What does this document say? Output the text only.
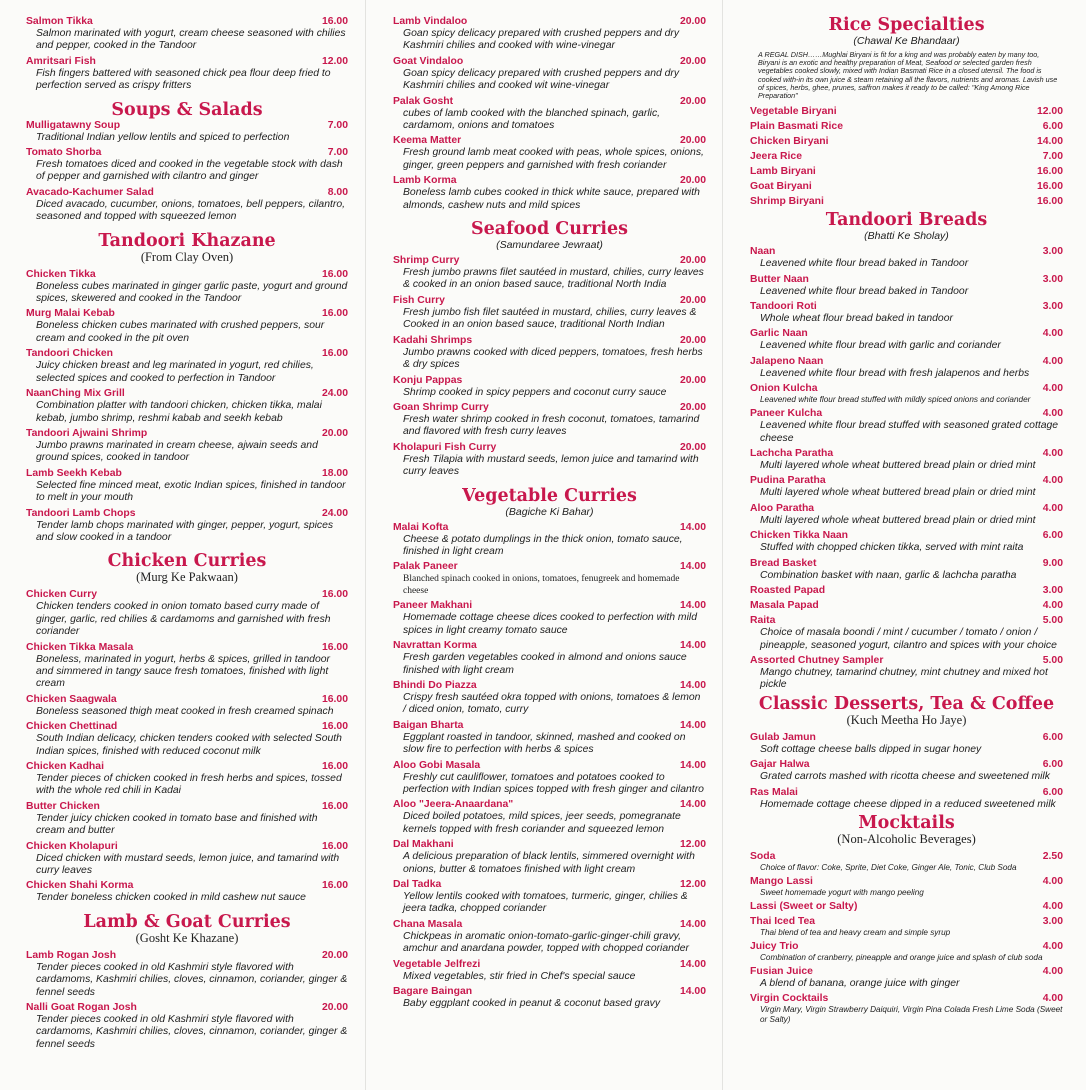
Salmon Tikka	16.00
Salmon marinated with yogurt, cream cheese seasoned with chilies and pepper, cooked in the Tandoor
Amritsari Fish	12.00
Fish fingers battered with seasoned chick pea flour deep fried to perfection served as crispy fritters
Soups & Salads
Mulligatawny Soup	7.00
Traditional Indian yellow lentils and spiced to perfection
Tomato Shorba	7.00
Fresh tomatoes diced and cooked in the vegetable stock with dash of pepper and garnished with cilantro and ginger
Avacado-Kachumer Salad	8.00
Diced avacado, cucumber, onions, tomatoes, bell peppers, cilantro, seasoned and topped with squeezed lemon
Tandoori Khazane
(From Clay Oven)
Chicken Tikka	16.00
Boneless cubes marinated in ginger garlic paste, yogurt and ground spices, skewered and cooked in the Tandoor
Murg Malai Kebab	16.00
Boneless chicken cubes marinated with crushed peppers, sour cream and cooked in the pit oven
Tandoori Chicken	16.00
Juicy chicken breast and leg marinated in yogurt, red chilies, selected spices and cooked to perfection in Tandoor
NaanChing Mix Grill	24.00
Combination platter with tandoori chicken, chicken tikka, malai kebab, jumbo shrimp, reshmi kabab and seekh kebab
Tandoori Ajwaini Shrimp	20.00
Jumbo prawns marinated in cream cheese, ajwain seeds and ground spices, cooked in tandoor
Lamb Seekh Kebab	18.00
Selected fine minced meat, exotic Indian spices, finished in tandoor to melt in your mouth
Tandoori Lamb Chops	24.00
Tender lamb chops marinated with ginger, pepper, yogurt, spices and slow cooked in a tandoor
Chicken Curries
(Murg Ke Pakwaan)
Chicken Curry	16.00
Chicken tenders cooked in onion tomato based curry made of ginger, garlic, red chilies & cardamoms and garnished with fresh coriander
Chicken Tikka Masala	16.00
Boneless, marinated in yogurt, herbs & spices, grilled in tandoor and simmered in tangy sauce fresh tomatoes, finished with light cream
Chicken Saagwala	16.00
Boneless seasoned thigh meat cooked in fresh creamed spinach
Chicken Chettinad	16.00
South Indian delicacy, chicken tenders cooked with selected South Indian spices, finished with reduced coconut milk
Chicken Kadhai	16.00
Tender pieces of chicken cooked in fresh herbs and spices, tossed with the whole red chili in Kadai
Butter Chicken	16.00
Tender juicy chicken cooked in tomato base and finished with cream and butter
Chicken Kholapuri	16.00
Diced chicken with mustard seeds, lemon juice, and tamarind with curry leaves
Chicken Shahi Korma	16.00
Tender boneless chicken cooked in mild cashew nut sauce
Lamb & Goat Curries
(Gosht Ke Khazane)
Lamb Rogan Josh	20.00
Tender pieces cooked in old Kashmiri style flavored with cardamoms, Kashmiri chilies, cloves, cinnamon, coriander, ginger & fennel seeds
Nalli Goat Rogan Josh	20.00
Tender pieces cooked in old Kashmiri style flavored with cardamoms, Kashmiri chilies, cloves, cinnamon, coriander, ginger & fennel seeds
Lamb Vindaloo	20.00
Goan spicy delicacy prepared with crushed peppers and dry Kashmiri chilies and cooked with wine-vinegar
Goat Vindaloo	20.00
Goan spicy delicacy prepared with crushed peppers and dry Kashmiri chilies and cooked wit wine-vinegar
Palak Gosht	20.00
cubes of lamb cooked with the blanched spinach, garlic, cardamom, onions and tomatoes
Keema Matter	20.00
Fresh ground lamb meat cooked with peas, whole spices, onions, ginger, green peppers and garnished with fresh coriander
Lamb Korma	20.00
Boneless lamb cubes cooked in thick white sauce, prepared with almonds, cashew nuts and mild spices
Seafood Curries
(Samundaree Jewraat)
Shrimp Curry	20.00
Fresh jumbo prawns filet sautéed in mustard, chilies, curry leaves & cooked in an onion based sauce, traditional North India
Fish Curry	20.00
Fresh jumbo fish filet sautéed in mustard, chilies, curry leaves & Cooked in an onion based sauce, traditional North Indian
Kadahi Shrimps	20.00
Jumbo prawns cooked with diced peppers, tomatoes, fresh herbs & dry spices
Konju Pappas	20.00
Shrimp cooked in spicy peppers and coconut curry sauce
Goan Shrimp Curry	20.00
Fresh water shrimp cooked in fresh coconut, tomatoes, tamarind and flavored with fresh curry leaves
Kholapuri Fish Curry	20.00
Fresh Tilapia with mustard seeds, lemon juice and tamarind with curry leaves
Vegetable Curries
(Bagiche Ki Bahar)
Malai Kofta	14.00
Cheese & potato dumplings in the thick onion, tomato sauce, finished in light cream
Palak Paneer	14.00
Blanched spinach cooked in onions, tomatoes, fenugreek and homemade cheese
Paneer Makhani	14.00
Homemade cottage cheese dices cooked to perfection with mild spices in light creamy tomato sauce
Navrattan Korma	14.00
Fresh garden vegetables cooked in almond and onions sauce finished with light cream
Bhindi Do Piazza	14.00
Crispy fresh sautéed okra topped with onions, tomatoes & lemon / diced onion, tomato, curry
Baigan Bharta	14.00
Eggplant roasted in tandoor, skinned, mashed and cooked on slow fire to perfection with herbs & spices
Aloo Gobi Masala	14.00
Freshly cut cauliflower, tomatoes and potatoes cooked to perfection with Indian spices topped with fresh ginger and cilantro
Aloo "Jeera-Anaardana"	14.00
Diced boiled potatoes, mild spices, jeer seeds, pomegranate kernels topped with fresh coriander and squeezed lemon
Dal Makhani	12.00
A delicious preparation of black lentils, simmered overnight with onions, butter & tomatoes finished with light cream
Dal Tadka	12.00
Yellow lentils cooked with tomatoes, turmeric, ginger, chilies & jeera tadka, chopped coriander
Chana Masala	14.00
Chickpeas in aromatic onion-tomato-garlic-ginger-chili gravy, amchur and anardana powder, topped with chopped coriander
Vegetable Jelfrezi	14.00
Mixed vegetables, stir fried in Chef's special sauce
Bagare Baingan	14.00
Baby eggplant cooked in peanut & coconut based gravy
Rice Specialties
(Chawal Ke Bhandaar)
A REGAL DISH……Mughlai Biryani is fit for a king and was probably eaten by many too, Biryani is an exotic and healthy preparation of Meat, Seafood or selected garden fresh vegetables cooked slowly, mixed with Indian Basmati Rice in a closed utensil. The food is cooked with-in its own juice & steam retaining all the flavors, nutrients and aromas. Lavish use of spices, herbs, ghee, prunes, saffron makes it ready to be called: "King Among Rice Preparation"
Vegetable Biryani	12.00
Plain Basmati Rice	6.00
Chicken Biryani	14.00
Jeera Rice	7.00
Lamb Biryani	16.00
Goat Biryani	16.00
Shrimp Biryani	16.00
Tandoori Breads
(Bhatti Ke Sholay)
Naan	3.00
Leavened white flour bread baked in Tandoor
Butter Naan	3.00
Leavened white flour bread baked in Tandoor
Tandoori Roti	3.00
Whole wheat flour bread baked in tandoor
Garlic Naan	4.00
Leavened white flour bread with garlic and coriander
Jalapeno Naan	4.00
Leavened white flour bread with fresh jalapenos and herbs
Onion Kulcha	4.00
Leavened white flour bread stuffed with mildly spiced onions and coriander
Paneer Kulcha	4.00
Leavened white flour bread stuffed with seasoned grated cottage cheese
Lachcha Paratha	4.00
Multi layered whole wheat buttered bread plain or dried mint
Pudina Paratha	4.00
Multi layered whole wheat buttered bread plain or dried mint
Aloo Paratha	4.00
Multi layered whole wheat buttered bread plain or dried mint
Chicken Tikka Naan	6.00
Stuffed with chopped chicken tikka, served with mint raita
Bread Basket	9.00
Combination basket with naan, garlic & lachcha paratha
Roasted Papad	3.00
Masala Papad	4.00
Raita	5.00
Choice of masala boondi / mint / cucumber / tomato / onion / pineapple, seasoned yogurt, cilantro and spices with your choice
Assorted Chutney Sampler	5.00
Mango chutney, tamarind chutney, mint chutney and mixed hot pickle
Classic Desserts, Tea & Coffee
(Kuch Meetha Ho Jaye)
Gulab Jamun	6.00
Soft cottage cheese balls dipped in sugar honey
Gajar Halwa	6.00
Grated carrots mashed with ricotta cheese and sweetened milk
Ras Malai	6.00
Homemade cottage cheese dipped in a reduced sweetened milk
Mocktails
(Non-Alcoholic Beverages)
Soda	2.50
Choice of flavor: Coke, Sprite, Diet Coke, Ginger Ale, Tonic, Club Soda
Mango Lassi	4.00
Sweet homemade yogurt with mango peeling
Lassi (Sweet or Salty)	4.00
Thai Iced Tea	3.00
Thai blend of tea and heavy cream and simple syrup
Juicy Trio	4.00
Combination of cranberry, pineapple and orange juice and splash of club soda
Fusian Juice	4.00
A blend of banana, orange juice with ginger
Virgin Cocktails	4.00
Virgin Mary, Virgin Strawberry Daiquiri, Virgin Pina Colada Fresh Lime Soda (Sweet or Salty)
